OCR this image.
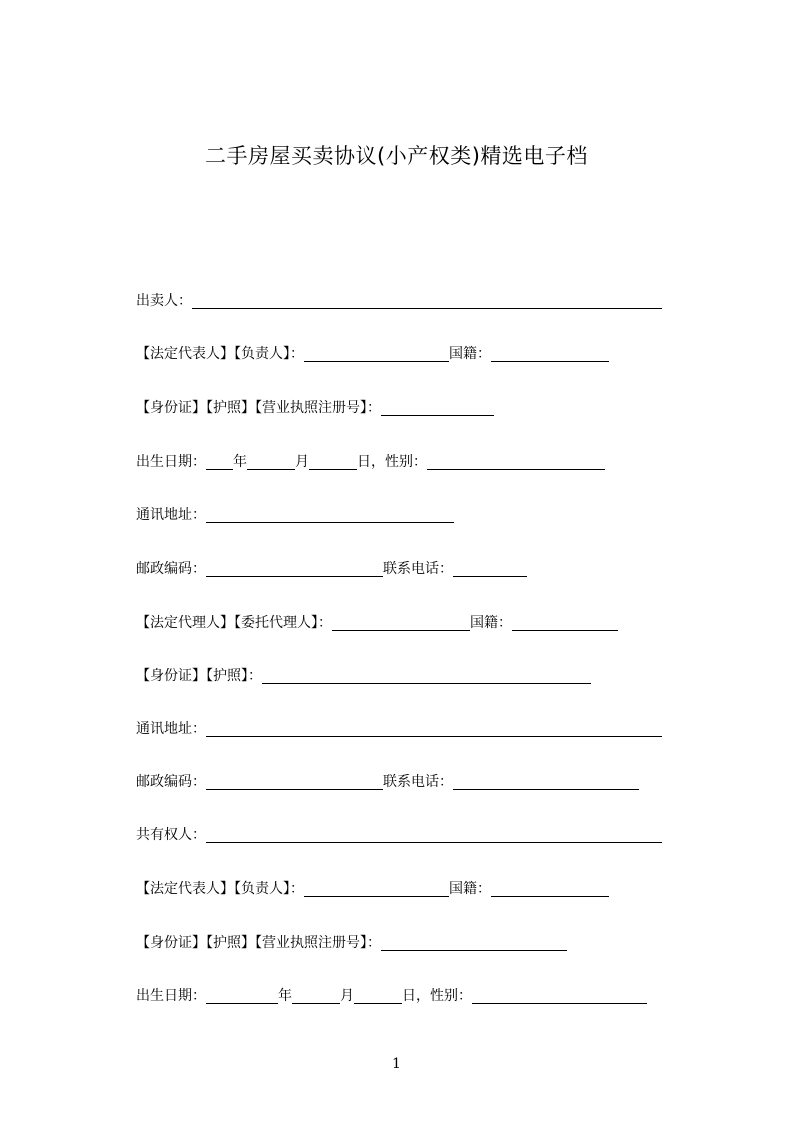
二手房屋买卖协议(小产权类)精选电子档
出卖人：
【法定代表人】【负责人】：	国籍：
【身份证】【护照】【营业执照注册号】：
出生日期： 年	月	日，性别：
通讯地址：
邮政编码：	联系电话：
【法定代理人】【委托代理人】：	国籍：
【身份证】【护照】：
通讯地址：
邮政编码：	联系电话：
共有权人：
【法定代表人】【负责人】：	国籍：
【身份证】【护照】【营业执照注册号】：
出生日期：	年	月	日，性别：
1
